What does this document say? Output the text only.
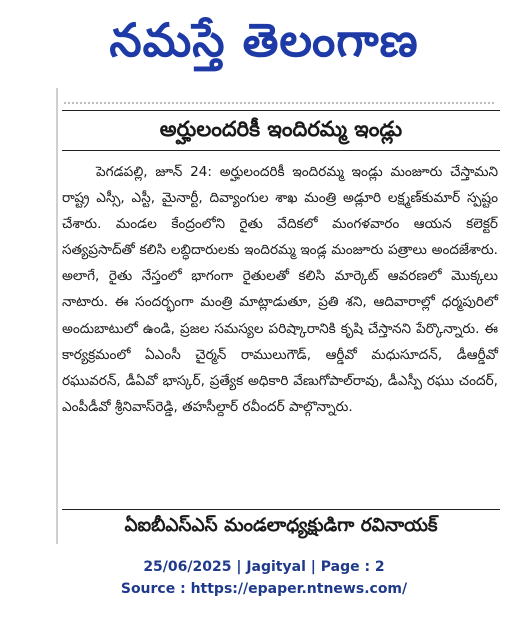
నమస్తే తెలంగాణ
అర్హులందరికీ ఇందిరమ్మ ఇండ్లు

పెగడపల్లి, జూన్ 24: అర్హులందరికీ ఇందిరమ్మ ఇండ్లు మంజూరు చేస్తామని రాష్ట్ర ఎస్సీ, ఎస్టీ, మైనార్టీ, దివ్యాంగుల శాఖ మంత్రి అడ్లూరి లక్ష్మణ్‌కుమార్ స్పష్టం చేశారు. మండల కేంద్రంలోని రైతు వేదికలో మంగళవారం ఆయన కలెక్టర్ సత్యప్రసాద్‌తో కలిసి లబ్ధిదారులకు ఇందిరమ్మ ఇండ్ల మంజూరు పత్రాలు అందజేశారు. అలాగే, రైతు నేస్తంలో భాగంగా రైతులతో కలిసి మార్కెట్ ఆవరణలో మొక్కలు నాటారు. ఈ సందర్భంగా మంత్రి మాట్లాడుతూ, ప్రతి శని, ఆదివారాల్లో ధర్మపురిలో అందుబాటులో ఉండి, ప్రజల సమస్యల పరిష్కారానికి కృషి చేస్తానని పేర్కొన్నారు. ఈ కార్యక్రమంలో ఏఎంసీ చైర్మన్ రాములుగౌడ్, ఆర్డీవో మధుసూదన్, డీఆర్డీవో రఘువరన్, డీఏవో భాస్కర్, ప్రత్యేక అధికారి వేణుగోపాల్‌రావు, డీఎస్పీ రఘు చందర్, ఎంపీడీవో శ్రీనివాస్‌రెడ్డి, తహసీల్దార్ రవీందర్ పాల్గొన్నారు.

ఏఐబీఎస్ఎస్ మండలాధ్యక్షుడిగా రవినాయక్
25/06/2025 | Jagityal | Page : 2
Source : https://epaper.ntnews.com/
